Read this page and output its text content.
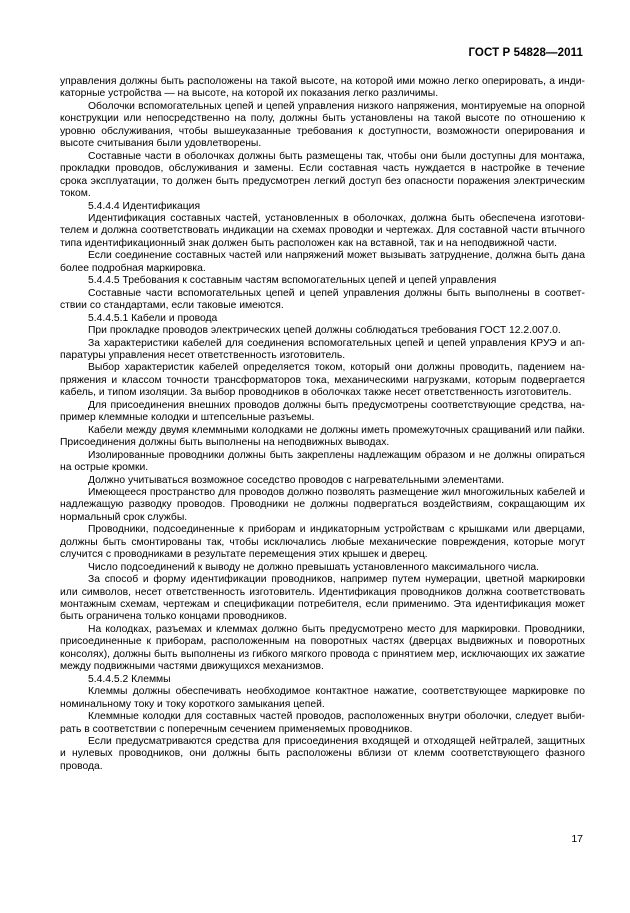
ГОСТ Р 54828—2011

управления должны быть расположены на такой высоте, на которой ими можно легко оперировать, а индикаторные устройства — на высоте, на которой их показания легко различимы.

Оболочки вспомогательных цепей и цепей управления низкого напряжения, монтируемые на опорной конструкции или непосредственно на полу, должны быть установлены на такой высоте по отношению к уровню обслуживания, чтобы вышеуказанные требования к доступности, возможности оперирования и высоте считывания были удовлетворены.

Составные части в оболочках должны быть размещены так, чтобы они были доступны для монтажа, прокладки проводов, обслуживания и замены. Если составная часть нуждается в настройке в течение срока эксплуатации, то должен быть предусмотрен легкий доступ без опасности поражения электрическим током.

5.4.4.4 Идентификация

Идентификация составных частей, установленных в оболочках, должна быть обеспечена изготовителем и должна соответствовать индикации на схемах проводки и чертежах. Для составной части втычного типа идентификационный знак должен быть расположен как на вставной, так и на неподвижной части.

Если соединение составных частей или напряжений может вызывать затруднение, должна быть дана более подробная маркировка.

5.4.4.5 Требования к составным частям вспомогательных цепей и цепей управления

Составные части вспомогательных цепей и цепей управления должны быть выполнены в соответствии со стандартами, если таковые имеются.

5.4.4.5.1 Кабели и провода

При прокладке проводов электрических цепей должны соблюдаться требования ГОСТ 12.2.007.0.

За характеристики кабелей для соединения вспомогательных цепей и цепей управления КРУЭ и аппаратуры управления несет ответственность изготовитель.

Выбор характеристик кабелей определяется током, который они должны проводить, падением напряжения и классом точности трансформаторов тока, механическими нагрузками, которым подвергается кабель, и типом изоляции. За выбор проводников в оболочках также несет ответственность изготовитель.

Для присоединения внешних проводов должны быть предусмотрены соответствующие средства, например клеммные колодки и штепсельные разъемы.

Кабели между двумя клеммными колодками не должны иметь промежуточных сращиваний или пайки. Присоединения должны быть выполнены на неподвижных выводах.

Изолированные проводники должны быть закреплены надлежащим образом и не должны опираться на острые кромки.

Должно учитываться возможное соседство проводов с нагревательными элементами.

Имеющееся пространство для проводов должно позволять размещение жил многожильных кабелей и надлежащую разводку проводов. Проводники не должны подвергаться воздействиям, сокращающим их нормальный срок службы.

Проводники, подсоединенные к приборам и индикаторным устройствам с крышками или дверцами, должны быть смонтированы так, чтобы исключались любые механические повреждения, которые могут случится с проводниками в результате перемещения этих крышек и дверец.

Число подсоединений к выводу не должно превышать установленного максимального числа.

За способ и форму идентификации проводников, например путем нумерации, цветной маркировки или символов, несет ответственность изготовитель. Идентификация проводников должна соответствовать монтажным схемам, чертежам и спецификации потребителя, если применимо. Эта идентификация может быть ограничена только концами проводников.

На колодках, разъемах и клеммах должно быть предусмотрено место для маркировки. Проводники, присоединенные к приборам, расположенным на поворотных частях (дверцах выдвижных и поворотных консолях), должны быть выполнены из гибкого мягкого провода с принятием мер, исключающих их зажатие между подвижными частями движущихся механизмов.

5.4.4.5.2 Клеммы

Клеммы должны обеспечивать необходимое контактное нажатие, соответствующее маркировке по номинальному току и току короткого замыкания цепей.

Клеммные колодки для составных частей проводов, расположенных внутри оболочки, следует выбирать в соответствии с поперечным сечением применяемых проводников.

Если предусматриваются средства для присоединения входящей и отходящей нейтралей, защитных и нулевых проводников, они должны быть расположены вблизи от клемм соответствующего фазного провода.

17
